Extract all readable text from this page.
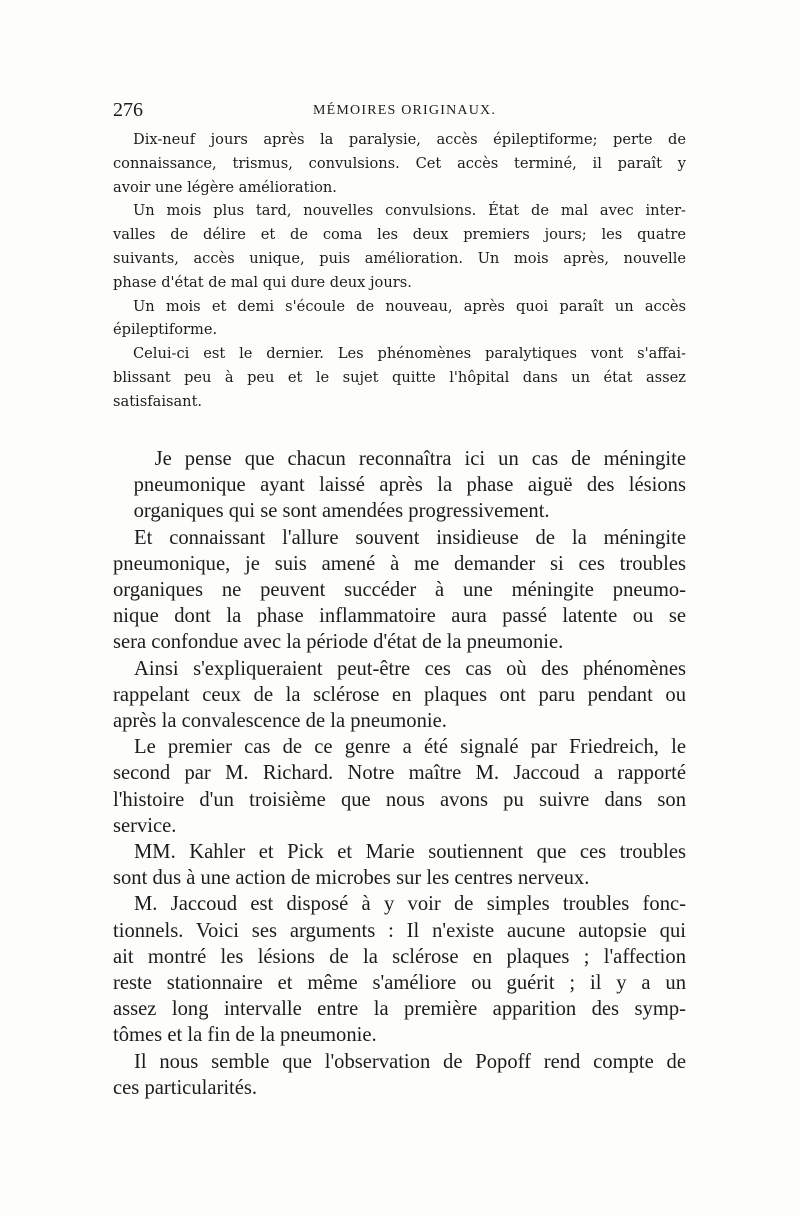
276	MÉMOIRES ORIGINAUX.
Dix-neuf jours après la paralysie, accès épileptiforme; perte de
connaissance, trismus, convulsions. Cet accès terminé, il paraît y
avoir une légère amélioration.
Un mois plus tard, nouvelles convulsions. État de mal avec inter-
valles de délire et de coma les deux premiers jours; les quatre
suivants, accès unique, puis amélioration. Un mois après, nouvelle
phase d'état de mal qui dure deux jours.
Un mois et demi s'écoule de nouveau, après quoi paraît un accès
épileptiforme.
Celui-ci est le dernier. Les phénomènes paralytiques vont s'affai-
blissant peu à peu et le sujet quitte l'hôpital dans un état assez
satisfaisant.
Je pense que chacun reconnaîtra ici un cas de méningite
pneumonique ayant laissé après la phase aiguë des lésions
organiques qui se sont amendées progressivement.
Et connaissant l'allure souvent insidieuse de la méningite
pneumonique, je suis amené à me demander si ces troubles
organiques ne peuvent succéder à une méningite pneumo-
nique dont la phase inflammatoire aura passé latente ou se
sera confondue avec la période d'état de la pneumonie.
Ainsi s'expliqueraient peut-être ces cas où des phénomènes
rappelant ceux de la sclérose en plaques ont paru pendant ou
après la convalescence de la pneumonie.
Le premier cas de ce genre a été signalé par Friedreich, le
second par M. Richard. Notre maître M. Jaccoud a rapporté
l'histoire d'un troisième que nous avons pu suivre dans son
service.
MM. Kahler et Pick et Marie soutiennent que ces troubles
sont dus à une action de microbes sur les centres nerveux.
M. Jaccoud est disposé à y voir de simples troubles fonc-
tionnels. Voici ses arguments : Il n'existe aucune autopsie qui
ait montré les lésions de la sclérose en plaques ; l'affection
reste stationnaire et même s'améliore ou guérit ; il y a un
assez long intervalle entre la première apparition des symp-
tômes et la fin de la pneumonie.
Il nous semble que l'observation de Popoff rend compte de
ces particularités.
